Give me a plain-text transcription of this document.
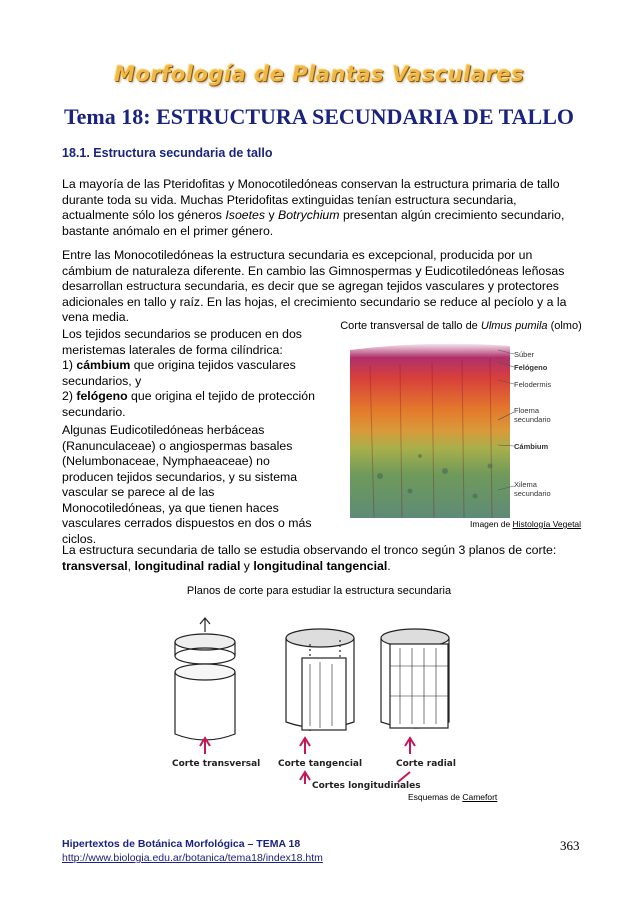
Morfología de Plantas Vasculares
Tema 18: ESTRUCTURA SECUNDARIA DE TALLO
18.1. Estructura secundaria de tallo

La mayoría de las Pteridofitas y Monocotiledóneas conservan la estructura primaria de tallo durante toda su vida. Muchas Pteridofitas extinguidas tenían estructura secundaria, actualmente sólo los géneros Isoetes y Botrychium presentan algún crecimiento secundario, bastante anómalo en el primer género.

Entre las Monocotiledóneas la estructura secundaria es excepcional, producida por un cámbium de naturaleza diferente. En cambio las Gimnospermas y Eudicotiledóneas leñosas desarrollan estructura secundaria, es decir que se agregan tejidos vasculares y protectores adicionales en tallo y raíz. En las hojas, el crecimiento secundario se reduce al pecíolo y a la vena media.

Los tejidos secundarios se producen en dos meristemas laterales de forma cilíndrica:

1) cámbium que origina tejidos vasculares secundarios, y

2) felógeno que origina el tejido de protección secundario.

Algunas Eudicotiledóneas herbáceas (Ranunculaceae) o angiospermas basales (Nelumbonaceae, Nymphaeaceae) no producen tejidos secundarios, y su sistema vascular se parece al de las Monocotiledóneas, ya que tienen haces vasculares cerrados dispuestos en dos o más ciclos.

Corte transversal de tallo de Ulmus pumila (olmo)
Súber
Felógeno
Felodermis
Floema secundario
Cámbium
Xilema secundario
Imagen de Histología Vegetal

La estructura secundaria de tallo se estudia observando el tronco según 3 planos de corte: transversal, longitudinal radial y longitudinal tangencial.

Planos de corte para estudiar la estructura secundaria
Corte transversal Corte tangencial	Corte radial
Cortes longitudinales
Esquemas de Camefort
Hipertextos de Botánica Morfológica – TEMA 18
http://www.biologia.edu.ar/botanica/tema18/index18.htm
363
